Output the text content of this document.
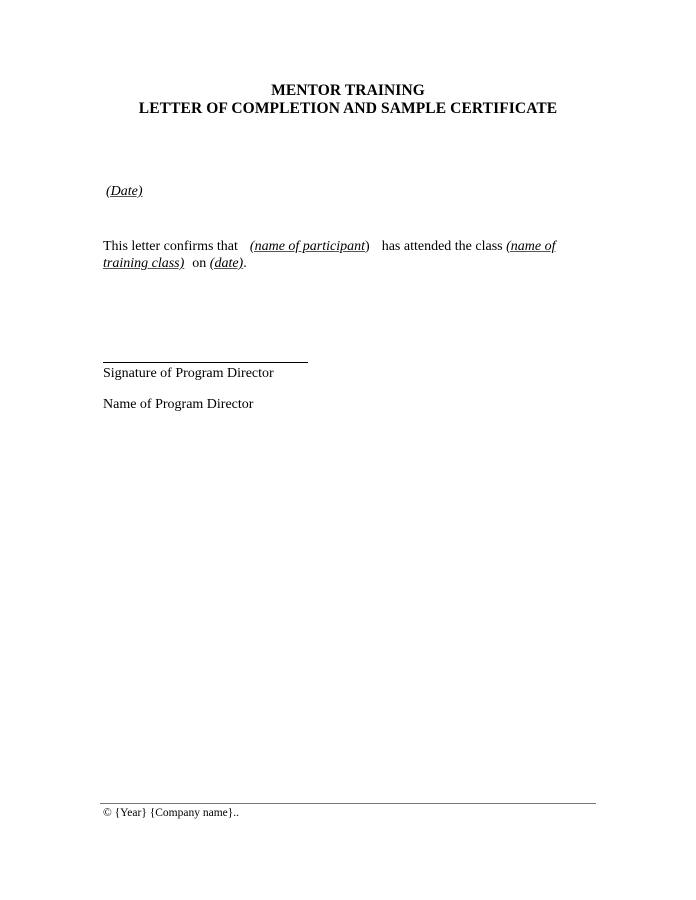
MENTOR TRAINING
LETTER OF COMPLETION AND SAMPLE CERTIFICATE
(Date)
This letter confirms that (name of participant) has attended the class (name of
training class) on (date).
Signature of Program Director
Name of Program Director
© {Year} {Company name}..
